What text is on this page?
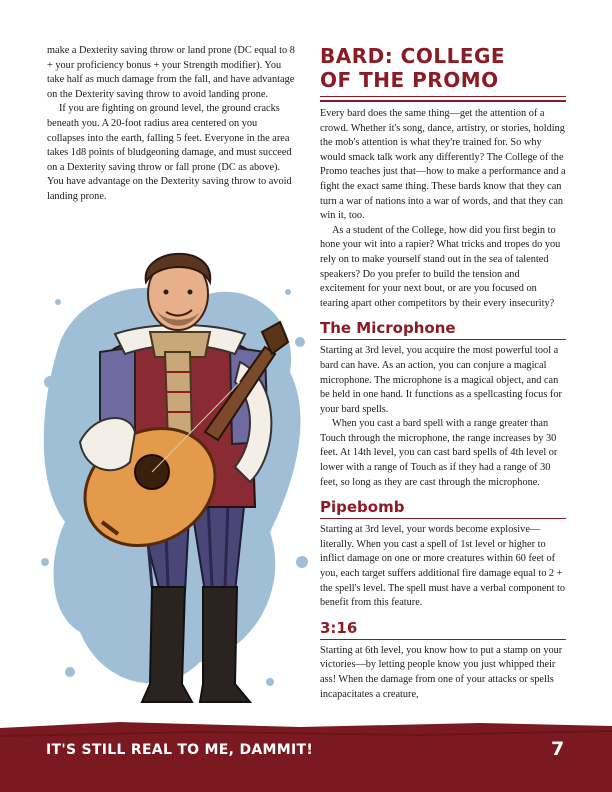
make a Dexterity saving throw or land prone (DC equal to 8 + your proficiency bonus + your Strength modifier). You take half as much damage from the fall, and have advantage on the Dexterity saving throw to avoid landing prone.

If you are fighting on ground level, the ground cracks beneath you. A 20-foot radius area centered on you collapses into the earth, falling 5 feet. Everyone in the area takes 1d8 points of bludgeoning damage, and must succeed on a Dexterity saving throw or fall prone (DC as above). You have advantage on the Dexterity saving throw to avoid landing prone.

BARD: COLLEGE
OF THE PROMO

Every bard does the same thing—get the attention of a crowd. Whether it's song, dance, artistry, or stories, holding the mob's attention is what they're trained for. So why would smack talk work any differently? The College of the Promo teaches just that—how to make a performance and a fight the exact same thing. These bards know that they can turn a war of nations into a war of words, and that they can win it, too.

As a student of the College, how did you first begin to hone your wit into a rapier? What tricks and tropes do you rely on to make yourself stand out in the sea of talented speakers? Do you prefer to build the tension and excitement for your next bout, or are you focused on tearing apart other competitors by their every insecurity?

The Microphone

Starting at 3rd level, you acquire the most powerful tool a bard can have. As an action, you can conjure a magical microphone. The microphone is a magical object, and can be held in one hand. It functions as a spellcasting focus for your bard spells.

When you cast a bard spell with a range greater than Touch through the microphone, the range increases by 30 feet. At 14th level, you can cast bard spells of 4th level or lower with a range of Touch as if they had a range of 30 feet, so long as they are cast through the microphone.

Pipebomb

Starting at 3rd level, your words become explosive—literally. When you cast a spell of 1st level or higher to inflict damage on one or more creatures within 60 feet of you, each target suffers additional fire damage equal to 2 + the spell's level. The spell must have a verbal component to benefit from this feature.

3:16

Starting at 6th level, you know how to put a stamp on your victories—by letting people know you just whipped their ass! When the damage from one of your attacks or spells incapacitates a creature,

IT'S STILL REAL TO ME, DAMMIT!	7
